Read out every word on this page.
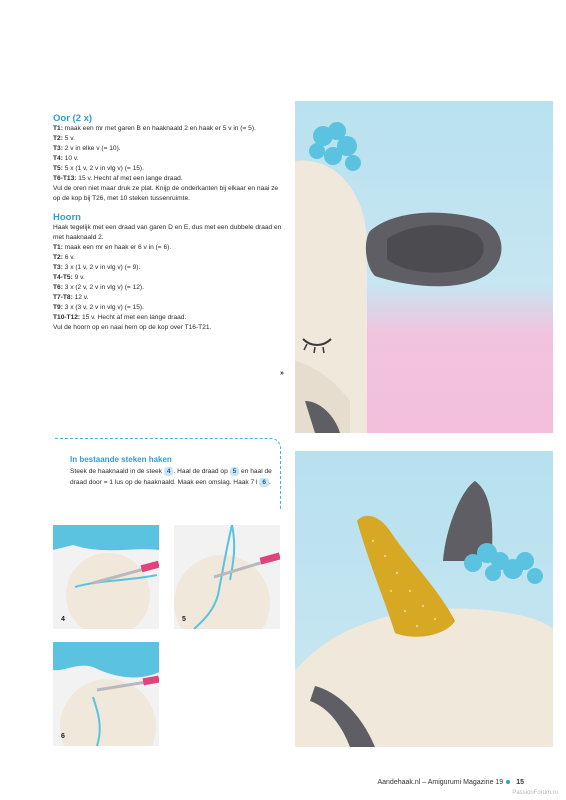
Oor (2 x)

T1: maak een mr met garen B en haaknaald 2 en haak er 5 v in (= 5).

T2: 5 v.

T3: 2 v in elke v (= 10).

T4: 10 v.

T5: 5 x (1 v, 2 v in vlg v) (= 15).

T6-T13: 15 v. Hecht af met een lange draad.

Vul de oren niet maar druk ze plat. Knijp de onderkanten bij elkaar en naai ze op de kop bij T26, met 10 steken tussenruimte.

Hoorn

Haak tegelijk met een draad van garen D en E, dus met een dubbele draad en met haaknaald 2.

T1: maak een mr en haak er 6 v in (= 6).

T2: 6 v.

T3: 3 x (1 v, 2 v in vlg v) (= 9).

T4-T5: 9 v.

T6: 3 x (2 v, 2 v in vlg v) (= 12).

T7-T8: 12 v.

T9: 3 x (3 v, 2 v in vlg v) (= 15).

T10-T12: 15 v. Hecht af met een lange draad.

Vul de hoorn op en naai hem op de kop over T16-T21.

»

In bestaande steken haken

Steek de haaknaald in de steek 4 . Haal de draad op 5 en haal de draad door = 1 lus op de haaknaald. Maak een omslag. Haak 7 l 6 .

4	5
6
Aandehaak.nl – Amigurumi Magazine 19 15
PassionForum.ru
